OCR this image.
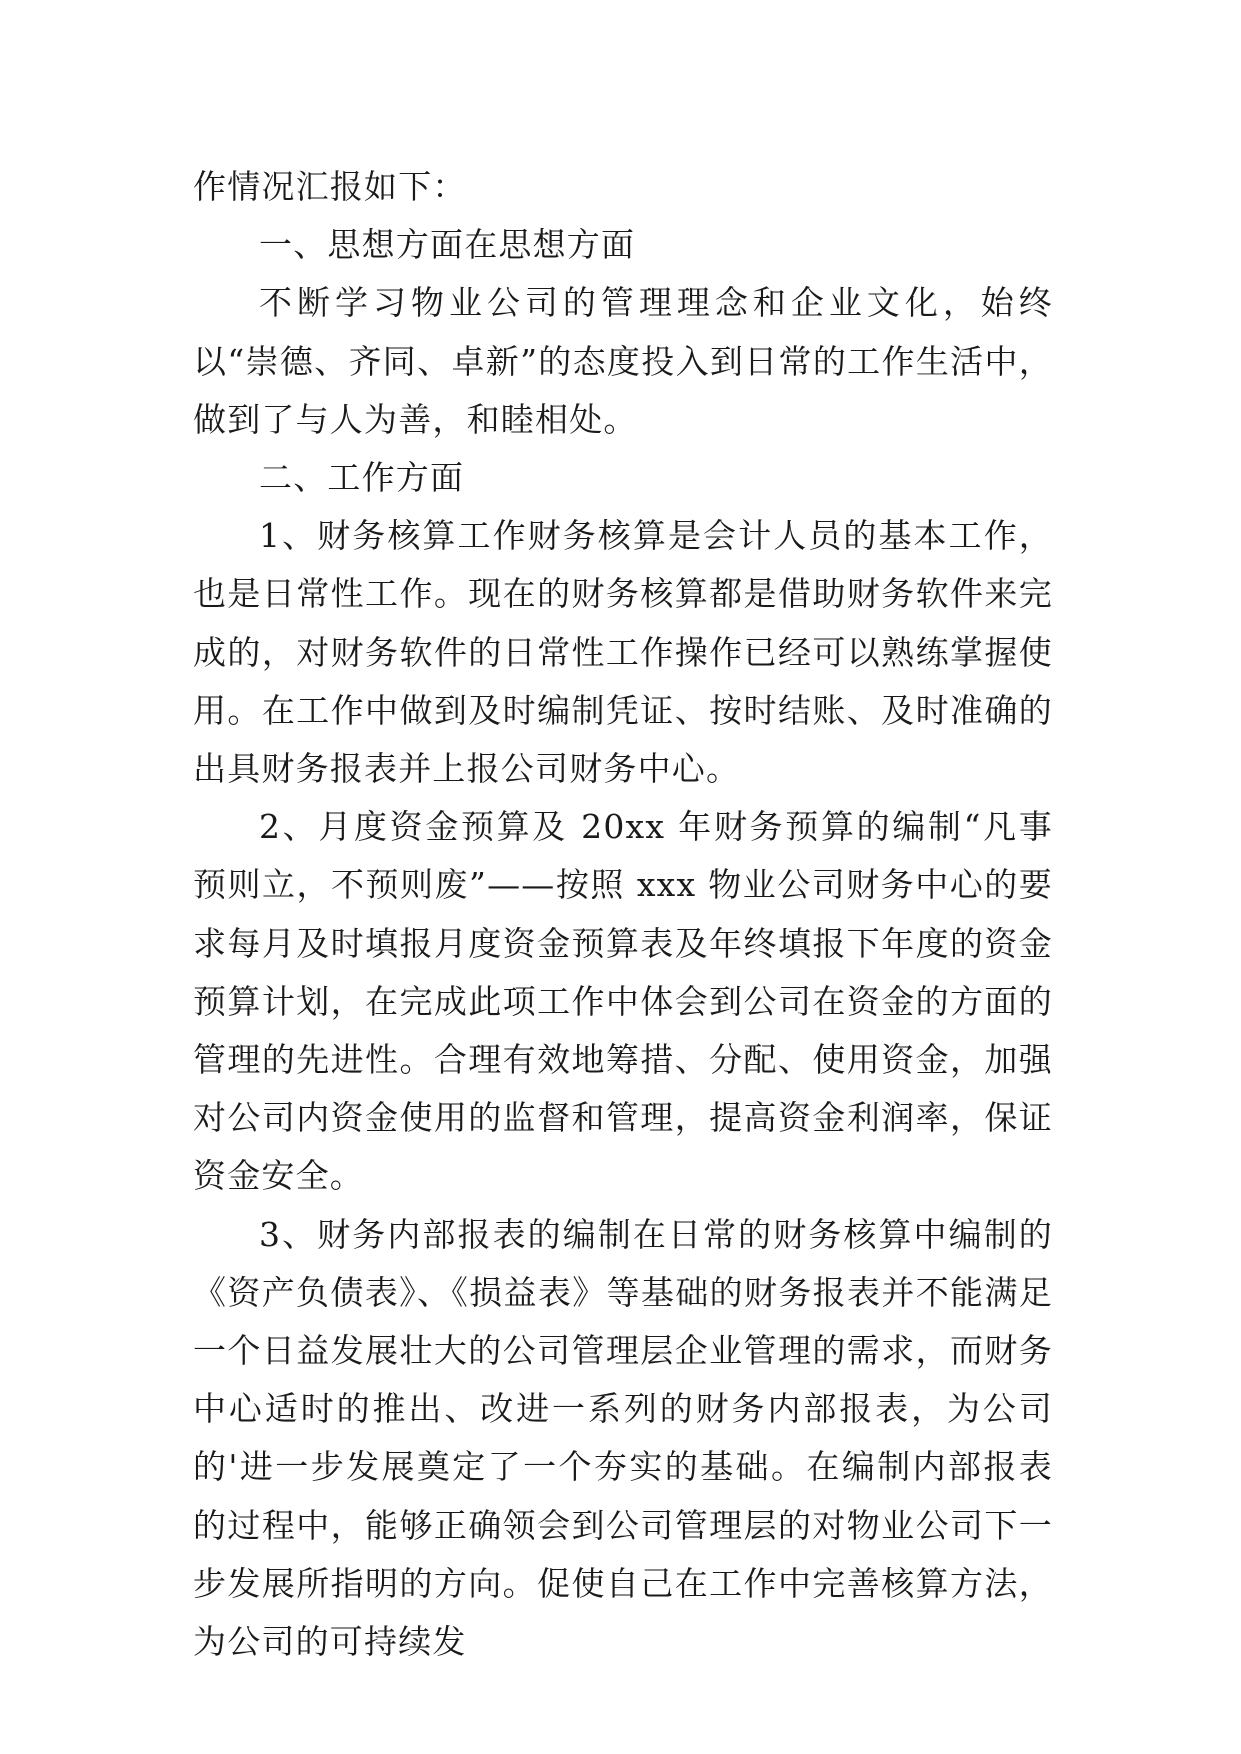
作情况汇报如下：

一、思想方面在思想方面

不断学习物业公司的管理理念和企业文化，始终以“崇德、齐同、卓新”的态度投入到日常的工作生活中，做到了与人为善，和睦相处。

二、工作方面

1、财务核算工作财务核算是会计人员的基本工作，也是日常性工作。现在的财务核算都是借助财务软件来完成的，对财务软件的日常性工作操作已经可以熟练掌握使用。在工作中做到及时编制凭证、按时结账、及时准确的出具财务报表并上报公司财务中心。

2、月度资金预算及 20xx 年财务预算的编制“凡事预则立，不预则废”——按照 xxx 物业公司财务中心的要求每月及时填报月度资金预算表及年终填报下年度的资金预算计划，在完成此项工作中体会到公司在资金的方面的管理的先进性。合理有效地筹措、分配、使用资金，加强对公司内资金使用的监督和管理，提高资金利润率，保证资金安全。

3、财务内部报表的编制在日常的财务核算中编制的《资产负债表》、《损益表》等基础的财务报表并不能满足一个日益发展壮大的公司管理层企业管理的需求，而财务中心适时的推出、改进一系列的财务内部报表，为公司的'进一步发展奠定了一个夯实的基础。在编制内部报表的过程中，能够正确领会到公司管理层的对物业公司下一步发展所指明的方向。促使自己在工作中完善核算方法，为公司的可持续发
